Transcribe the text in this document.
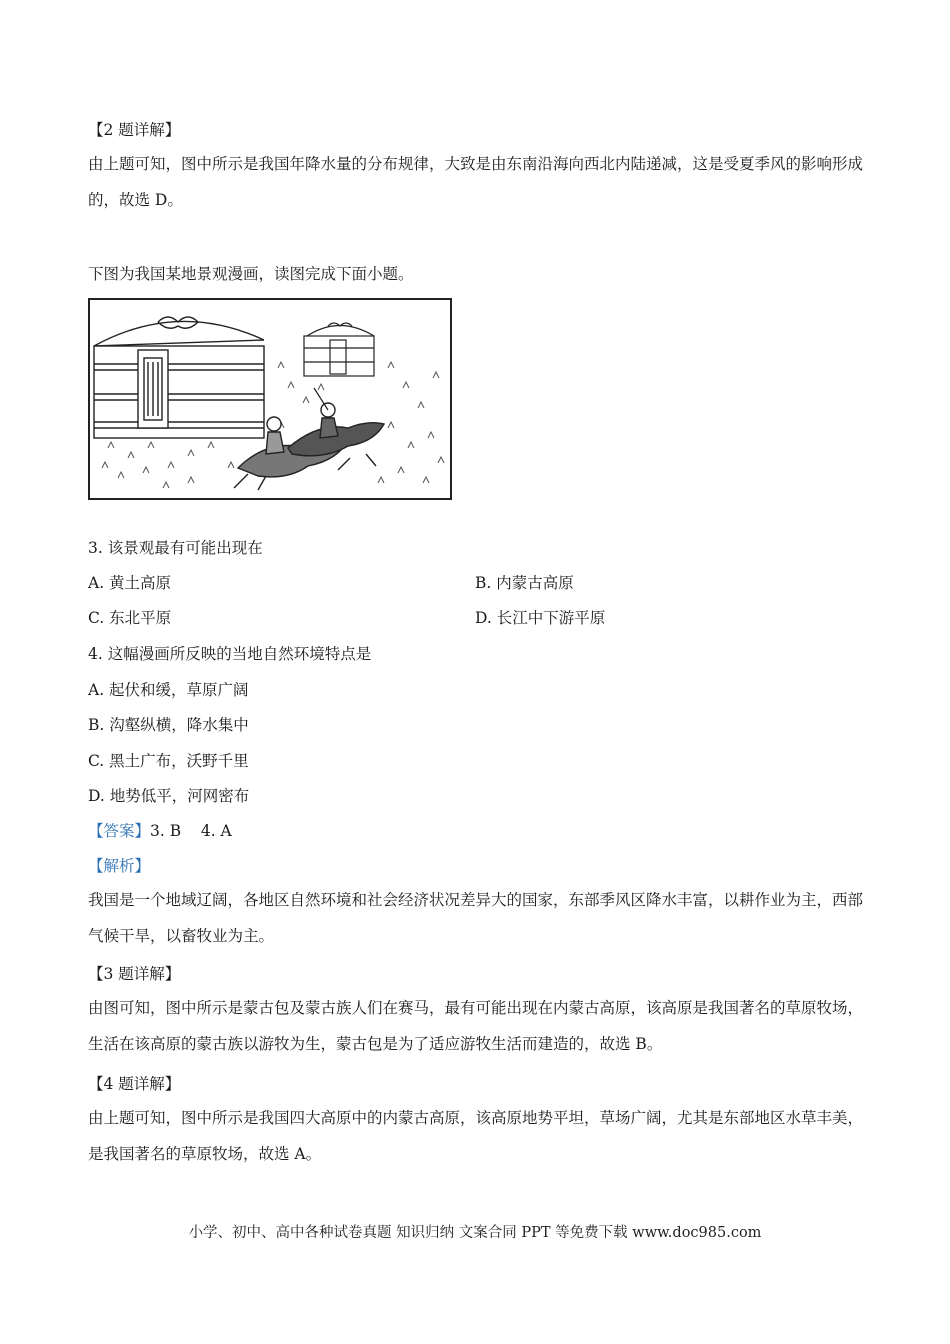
【2 题详解】
由上题可知，图中所示是我国年降水量的分布规律，大致是由东南沿海向西北内陆递减，这是受夏季风的影响形成的，故选 D。
下图为我国某地景观漫画，读图完成下面小题。
3. 该景观最有可能出现在
A. 黄土高原	B. 内蒙古高原
C. 东北平原	D. 长江中下游平原
4. 这幅漫画所反映的当地自然环境特点是
A. 起伏和缓，草原广阔
B. 沟壑纵横，降水集中
C. 黑土广布，沃野千里
D. 地势低平，河网密布
【答案】3. B    4. A
【解析】
我国是一个地域辽阔，各地区自然环境和社会经济状况差异大的国家，东部季风区降水丰富，以耕作业为主，西部气候干旱，以畜牧业为主。
【3 题详解】
由图可知，图中所示是蒙古包及蒙古族人们在赛马，最有可能出现在内蒙古高原，该高原是我国著名的草原牧场，生活在该高原的蒙古族以游牧为生，蒙古包是为了适应游牧生活而建造的，故选 B。
【4 题详解】
由上题可知，图中所示是我国四大高原中的内蒙古高原，该高原地势平坦，草场广阔，尤其是东部地区水草丰美，是我国著名的草原牧场，故选 A。
小学、初中、高中各种试卷真题 知识归纳 文案合同 PPT 等免费下载 www.doc985.com
